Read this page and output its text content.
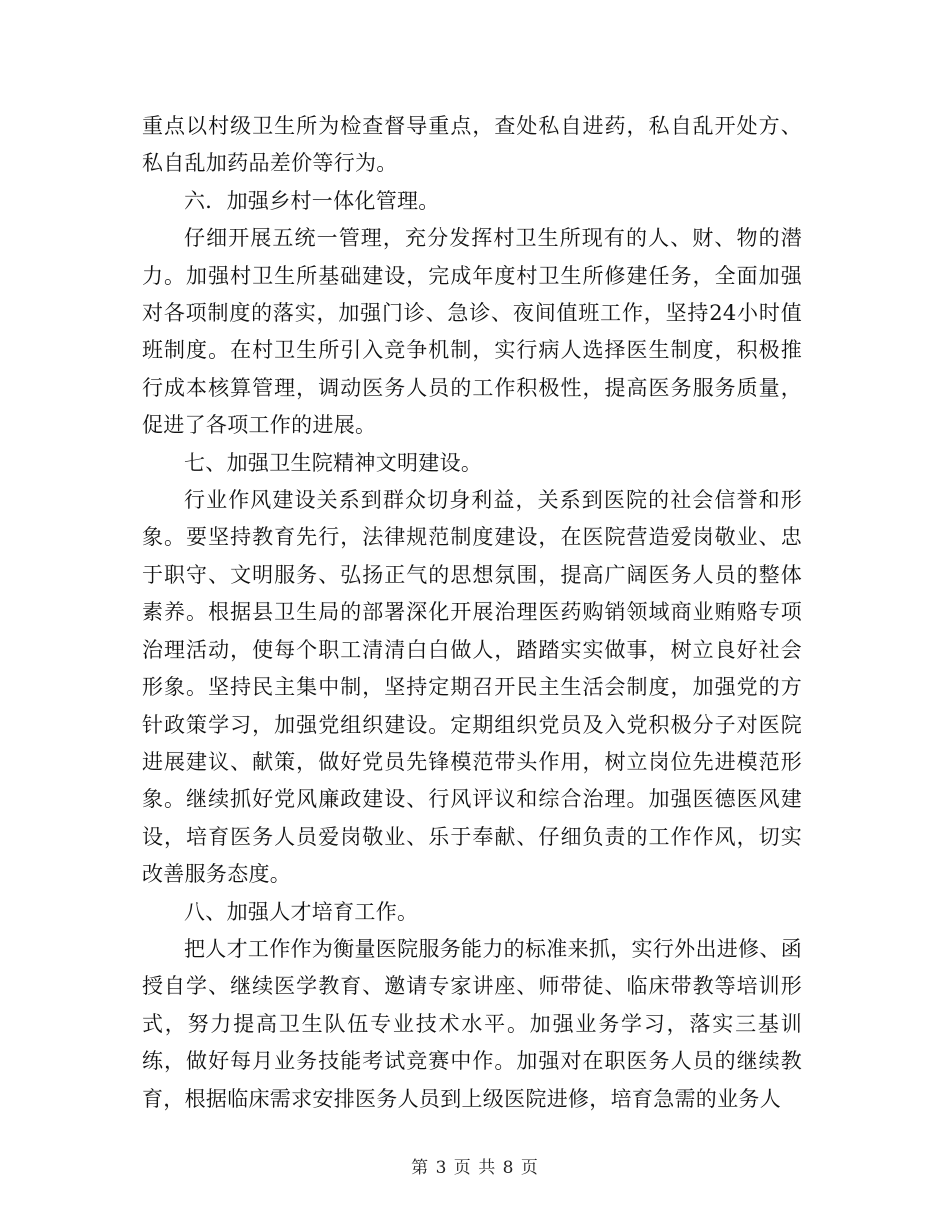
重点以村级卫生所为检查督导重点，查处私自进药，私自乱开处方、私自乱加药品差价等行为。

六．加强乡村一体化管理。

仔细开展五统一管理，充分发挥村卫生所现有的人、财、物的潜力。加强村卫生所基础建设，完成年度村卫生所修建任务，全面加强对各项制度的落实，加强门诊、急诊、夜间值班工作，坚持24小时值班制度。在村卫生所引入竞争机制，实行病人选择医生制度，积极推行成本核算管理，调动医务人员的工作积极性，提高医务服务质量，促进了各项工作的进展。

七、加强卫生院精神文明建设。

行业作风建设关系到群众切身利益，关系到医院的社会信誉和形象。要坚持教育先行，法律规范制度建设，在医院营造爱岗敬业、忠于职守、文明服务、弘扬正气的思想氛围，提高广阔医务人员的整体素养。根据县卫生局的部署深化开展治理医药购销领域商业贿赂专项治理活动，使每个职工清清白白做人，踏踏实实做事，树立良好社会形象。坚持民主集中制，坚持定期召开民主生活会制度，加强党的方针政策学习，加强党组织建设。定期组织党员及入党积极分子对医院进展建议、献策，做好党员先锋模范带头作用，树立岗位先进模范形象。继续抓好党风廉政建设、行风评议和综合治理。加强医德医风建设，培育医务人员爱岗敬业、乐于奉献、仔细负责的工作作风，切实改善服务态度。

八、加强人才培育工作。

把人才工作作为衡量医院服务能力的标准来抓，实行外出进修、函授自学、继续医学教育、邀请专家讲座、师带徒、临床带教等培训形式，努力提高卫生队伍专业技术水平。加强业务学习，落实三基训练，做好每月业务技能考试竞赛中作。加强对在职医务人员的继续教育，根据临床需求安排医务人员到上级医院进修，培育急需的业务人

第 3 页 共 8 页
